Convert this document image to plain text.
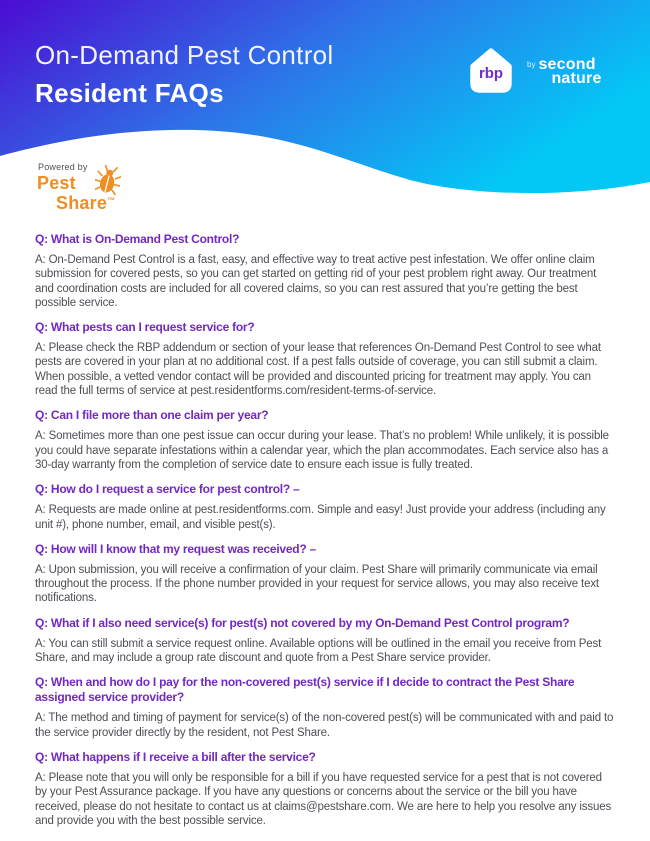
On-Demand Pest Control
Resident FAQs
rbp
by second
nature
Powered by
Pest
Share™
Q: What is On-Demand Pest Control?

A: On-Demand Pest Control is a fast, easy, and effective way to treat active pest infestation. We offer online claim submission for covered pests, so you can get started on getting rid of your pest problem right away. Our treatment and coordination costs are included for all covered claims, so you can rest assured that you’re getting the best possible service.

Q: What pests can I request service for?

A: Please check the RBP addendum or section of your lease that references On-Demand Pest Control to see what pests are covered in your plan at no additional cost. If a pest falls outside of coverage, you can still submit a claim. When possible, a vetted vendor contact will be provided and discounted pricing for treatment may apply. You can read the full terms of service at pest.residentforms.com/resident-terms-of-service.

Q: Can I file more than one claim per year?

A: Sometimes more than one pest issue can occur during your lease. That’s no problem! While unlikely, it is possible you could have separate infestations within a calendar year, which the plan accommodates. Each service also has a 30-day warranty from the completion of service date to ensure each issue is fully treated.

Q: How do I request a service for pest control? –

A: Requests are made online at pest.residentforms.com. Simple and easy! Just provide your address (including any unit #), phone number, email, and visible pest(s).

Q: How will I know that my request was received? –

A: Upon submission, you will receive a confirmation of your claim. Pest Share will primarily communicate via email throughout the process. If the phone number provided in your request for service allows, you may also receive text notifications.

Q: What if I also need service(s) for pest(s) not covered by my On-Demand Pest Control program?

A: You can still submit a service request online. Available options will be outlined in the email you receive from Pest Share, and may include a group rate discount and quote from a Pest Share service provider.

Q: When and how do I pay for the non-covered pest(s) service if I decide to contract the Pest Share assigned service provider?

A: The method and timing of payment for service(s) of the non-covered pest(s) will be communicated with and paid to the service provider directly by the resident, not Pest Share.

Q: What happens if I receive a bill after the service?

A: Please note that you will only be responsible for a bill if you have requested service for a pest that is not covered by your Pest Assurance package. If you have any questions or concerns about the service or the bill you have received, please do not hesitate to contact us at claims@pestshare.com. We are here to help you resolve any issues and provide you with the best possible service.
